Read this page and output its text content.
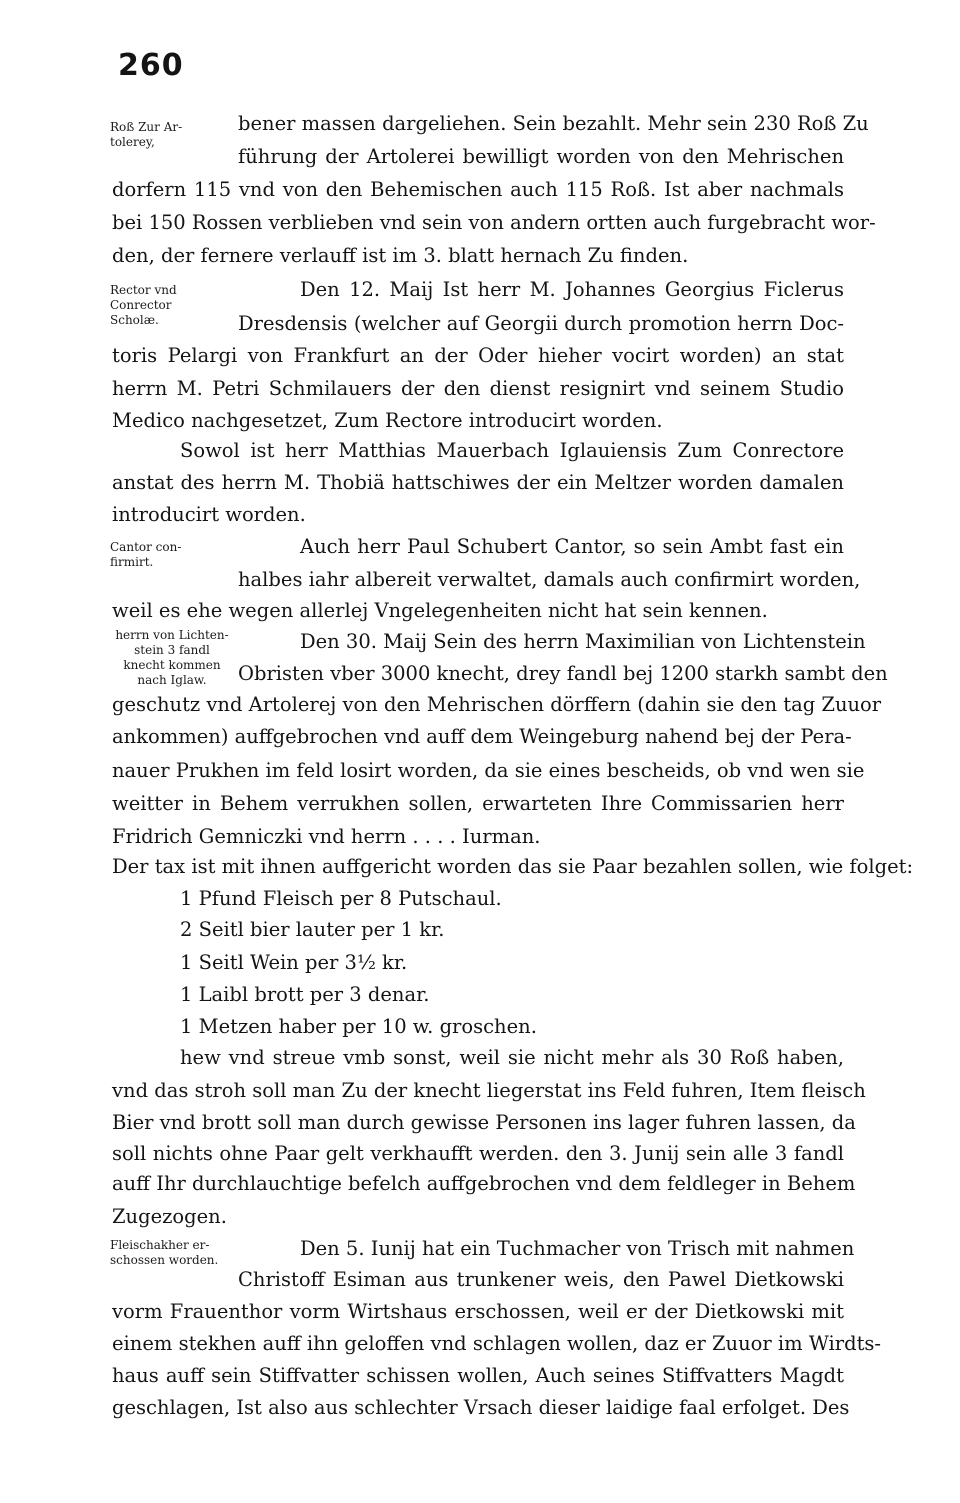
260
Roß Zur Ar-
tolerey,
Rector vnd
Conrector
Scholæ.
Cantor con-
firmirt.
herrn von Lichten-
stein 3 fandl
knecht kommen
nach Iglaw.
Fleischakher er-
schossen worden.
bener massen dargeliehen. Sein bezahlt. Mehr sein 230 Roß Zu
führung der Artolerei bewilligt worden von den Mehrischen
dorfern 115 vnd von den Behemischen auch 115 Roß. Ist aber nachmals
bei 150 Rossen verblieben vnd sein von andern ortten auch furgebracht wor-
den, der fernere verlauff ist im 3. blatt hernach Zu finden.
Den 12. Maij Ist herr M. Johannes Georgius Ficlerus
Dresdensis (welcher auf Georgii durch promotion herrn Doc-
toris Pelargi von Frankfurt an der Oder hieher vocirt worden) an stat
herrn M. Petri Schmilauers der den dienst resignirt vnd seinem Studio
Medico nachgesetzet, Zum Rectore introducirt worden.
Sowol ist herr Matthias Mauerbach Iglauiensis Zum Conrectore
anstat des herrn M. Thobiä hattschiwes der ein Meltzer worden damalen
introducirt worden.
Auch herr Paul Schubert Cantor, so sein Ambt fast ein
halbes iahr albereit verwaltet, damals auch confirmirt worden,
weil es ehe wegen allerlej Vngelegenheiten nicht hat sein kennen.
Den 30. Maij Sein des herrn Maximilian von Lichtenstein
Obristen vber 3000 knecht, drey fandl bej 1200 starkh sambt den
geschutz vnd Artolerej von den Mehrischen dörffern (dahin sie den tag Zuuor
ankommen) auffgebrochen vnd auff dem Weingeburg nahend bej der Pera-
nauer Prukhen im feld losirt worden, da sie eines bescheids, ob vnd wen sie
weitter in Behem verrukhen sollen, erwarteten Ihre Commissarien herr
Fridrich Gemniczki vnd herrn . . . . Iurman.
Der tax ist mit ihnen auffgericht worden das sie Paar bezahlen sollen, wie folget:
1 Pfund Fleisch per 8 Putschaul.
2 Seitl bier lauter per 1 kr.
1 Seitl Wein per 3½ kr.
1 Laibl brott per 3 denar.
1 Metzen haber per 10 w. groschen.
hew vnd streue vmb sonst, weil sie nicht mehr als 30 Roß haben,
vnd das stroh soll man Zu der knecht liegerstat ins Feld fuhren, Item fleisch
Bier vnd brott soll man durch gewisse Personen ins lager fuhren lassen, da
soll nichts ohne Paar gelt verkhaufft werden. den 3. Junij sein alle 3 fandl
auff Ihr durchlauchtige befelch auffgebrochen vnd dem feldleger in Behem
Zugezogen.
Den 5. Iunij hat ein Tuchmacher von Trisch mit nahmen
Christoff Esiman aus trunkener weis, den Pawel Dietkowski
vorm Frauenthor vorm Wirtshaus erschossen, weil er der Dietkowski mit
einem stekhen auff ihn geloffen vnd schlagen wollen, daz er Zuuor im Wirdts-
haus auff sein Stiffvatter schissen wollen, Auch seines Stiffvatters Magdt
geschlagen, Ist also aus schlechter Vrsach dieser laidige faal erfolget. Des
